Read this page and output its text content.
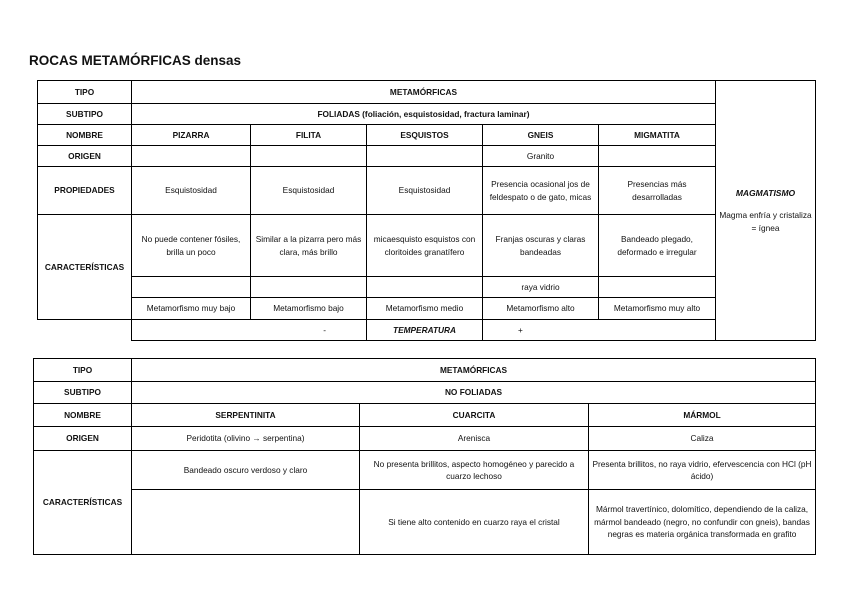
ROCAS METAMÓRFICAS densas
TIPO	METAMÓRFICAS					MAGMATISMO
Magma enfría y cristaliza = ígnea

SUBTIPO	FOLIADAS (foliación, esquistosidad, fractura laminar)					
NOMBRE	PIZARRA	FILITA	ESQUISTOS	GNEIS	MIGMATITA	
ORIGEN				Granito		
PROPIEDADES	Esquistosidad	Esquistosidad	Esquistosidad	Presencia ocasional jos de feldespato o de gato, micas	Presencias más desarrolladas	
CARACTERÍSTICAS	No puede contener fósiles, brilla un poco	Similar a la pizarra pero más clara, más brillo	micaesquisto esquistos con cloritoides granatífero	Franjas oscuras y claras bandeadas	Bandeado plegado, deformado e irregular	
				raya vidrio		
	Metamorfismo muy bajo	Metamorfismo bajo	Metamorfismo medio	Metamorfismo alto	Metamorfismo muy alto	
	-		TEMPERATURA	+		
TIPO	METAMÓRFICAS		
SUBTIPO	NO FOLIADAS		
NOMBRE	SERPENTINITA	CUARCITA	MÁRMOL
ORIGEN	Peridotita (olivino → serpentina)	Arenisca	Caliza
CARACTERÍSTICAS	Bandeado oscuro verdoso y claro	No presenta brillitos, aspecto homogéneo y parecido a cuarzo lechoso	Presenta brillitos, no raya vidrio, efervescencia con HCl (pH ácido)
		Si tiene alto contenido en cuarzo raya el cristal	Mármol travertínico, dolomítico, dependiendo de la caliza, mármol bandeado (negro, no confundir con gneis), bandas negras es materia orgánica transformada en grafito
